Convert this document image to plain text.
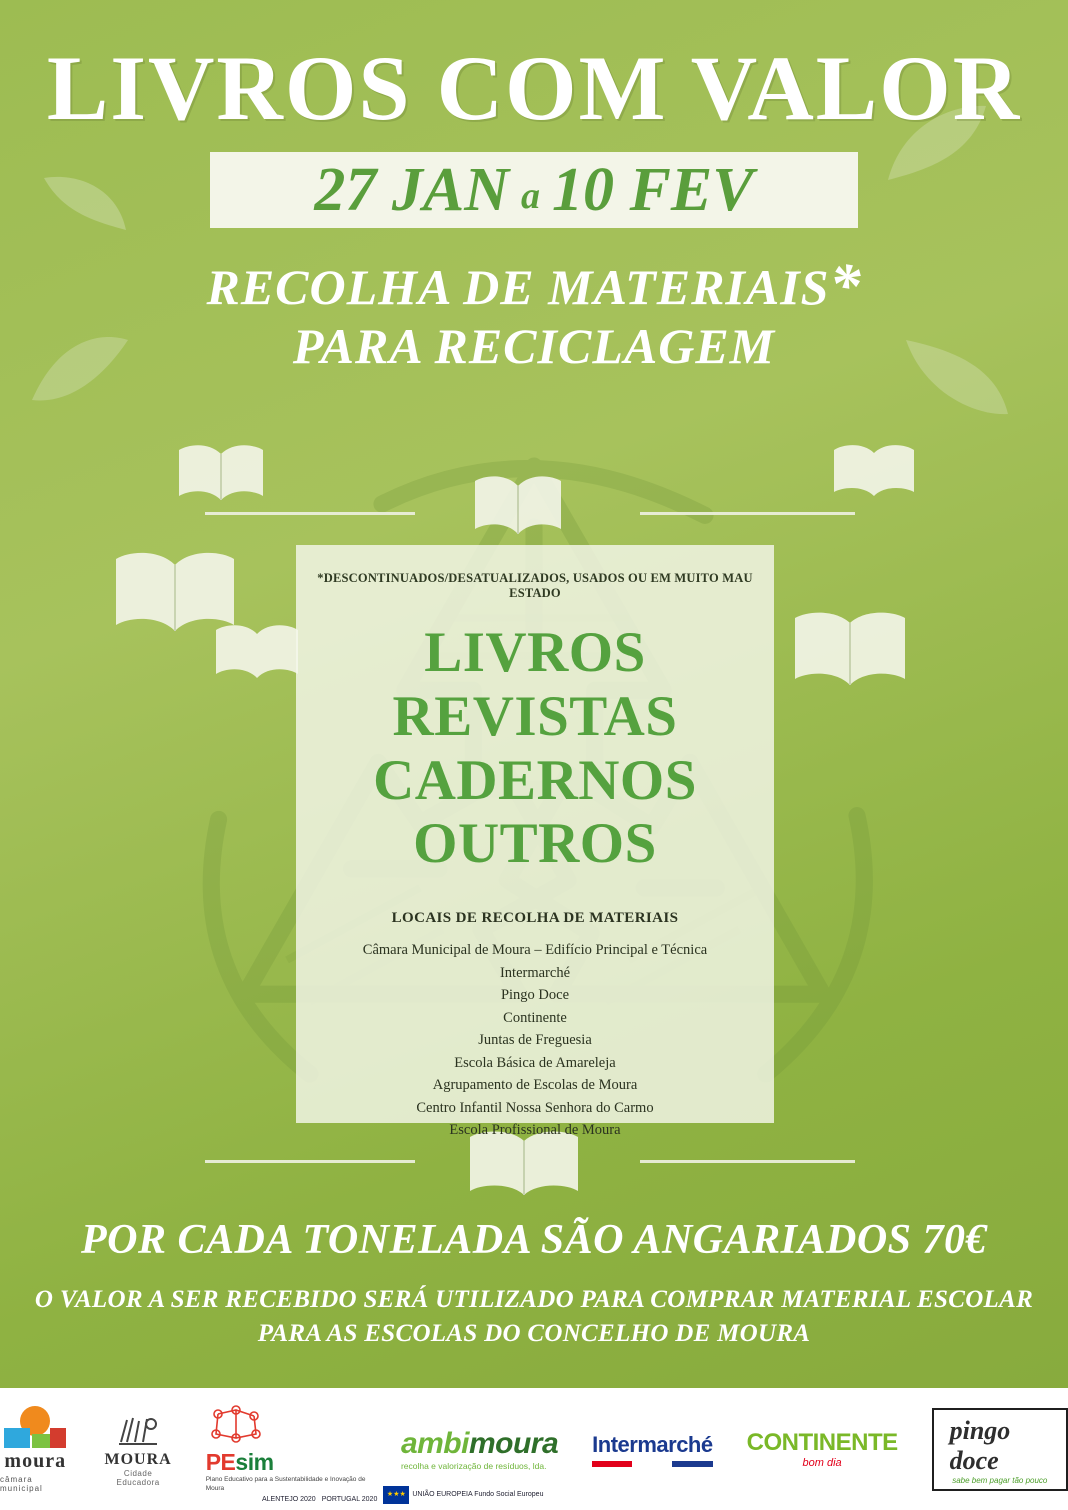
LIVROS COM VALOR
27 JAN a 10 FEV
RECOLHA DE MATERIAIS*
PARA RECICLAGEM
*DESCONTINUADOS/DESATUALIZADOS, USADOS OU EM MUITO MAU ESTADO
LIVROS
REVISTAS
CADERNOS
OUTROS
LOCAIS DE RECOLHA DE MATERIAIS
Câmara Municipal de Moura – Edifício Principal e Técnica
Intermarché
Pingo Doce
Continente
Juntas de Freguesia
Escola Básica de Amareleja
Agrupamento de Escolas de Moura
Centro Infantil Nossa Senhora do Carmo
Escola Profissional de Moura
POR CADA TONELADA SÃO ANGARIADOS 70€
O VALOR A SER RECEBIDO SERÁ UTILIZADO PARA COMPRAR MATERIAL ESCOLAR
PARA AS ESCOLAS DO CONCELHO DE MOURA
moura
câmara municipal
MOURA
Cidade
Educadora
PEsim
Plano Educativo para a Sustentabilidade e Inovação de Moura
ambimoura
recolha e valorização de resíduos, lda.
Intermarché CONTINENTE
bom dia
pingo doce
sabe bem pagar tão pouco
ALENTEJO 2020 PORTUGAL 2020
★★★ UNIÃO EUROPEIA Fundo Social Europeu
